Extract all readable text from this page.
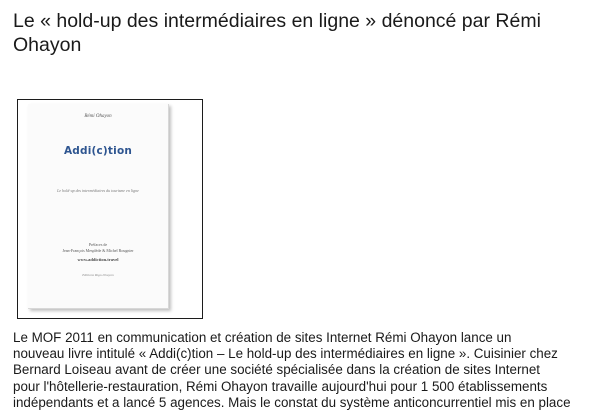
Le « hold-up des intermédiaires en ligne » dénoncé par Rémi
Ohayon
Rémi Ohayon
Addi(c)tion
Le hold-up des intermédiaires du tourisme en ligne
Préfaces de
Jean-François Mesplède & Michel Rougnier
www.addiction.travel
Editions Rigo-Ohayon

Le MOF 2011 en communication et création de sites Internet Rémi Ohayon lance un
nouveau livre intitulé « Addi(c)tion – Le hold-up des intermédiaires en ligne ». Cuisinier chez
Bernard Loiseau avant de créer une société spécialisée dans la création de sites Internet
pour l'hôtellerie-restauration, Rémi Ohayon travaille aujourd'hui pour 1 500 établissements
indépendants et a lancé 5 agences. Mais le constat du système anticoncurrentiel mis en place
